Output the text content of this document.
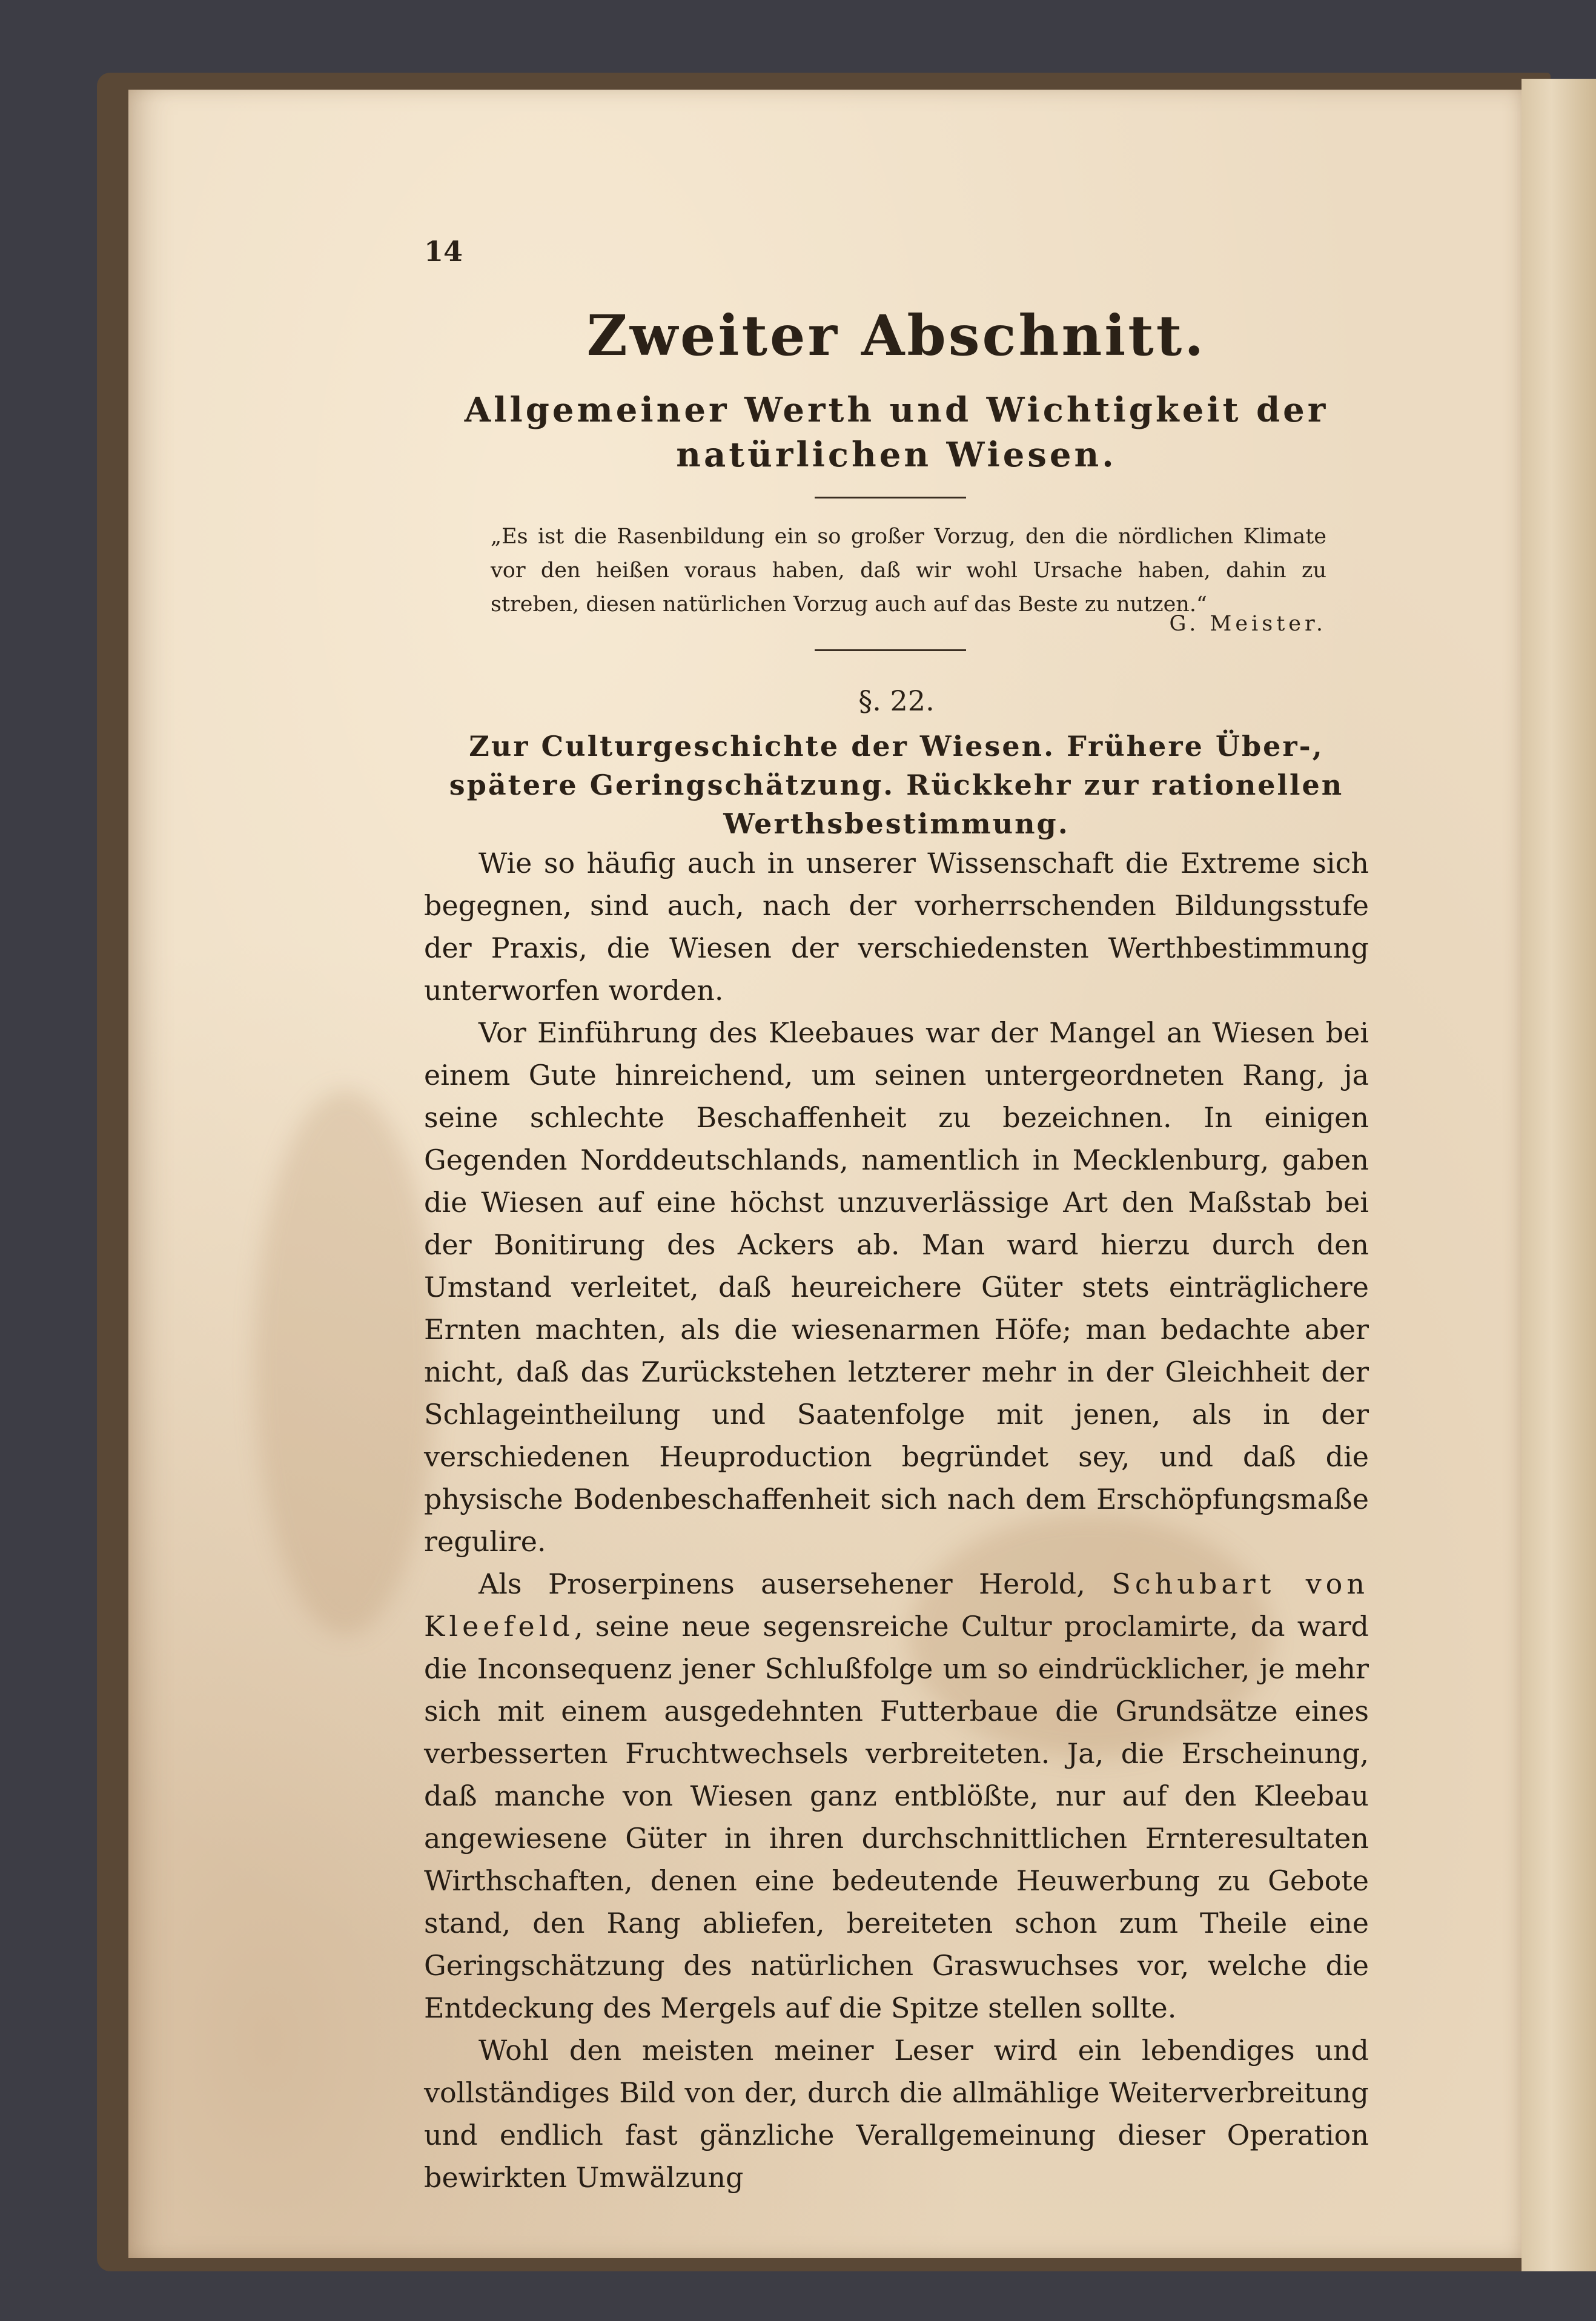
14
Zweiter Abschnitt.
Allgemeiner Werth und Wichtigkeit der natürlichen Wiesen.
„Es ist die Rasenbildung ein so großer Vorzug, den die nördlichen Klimate vor den heißen voraus haben, daß wir wohl Ursache haben, dahin zu streben, diesen natürlichen Vorzug auch auf das Beste zu nutzen.“
G. Meister.
§. 22.
Zur Culturgeschichte der Wiesen. Frühere Über-, spätere Geringschätzung. Rückkehr zur rationellen Werthsbestimmung.

Wie so häufig auch in unserer Wissenschaft die Extreme sich begegnen, sind auch, nach der vorherrschenden Bildungsstufe der Praxis, die Wiesen der verschiedensten Werthbestimmung unterworfen worden.

Vor Einführung des Kleebaues war der Mangel an Wiesen bei einem Gute hinreichend, um seinen untergeordneten Rang, ja seine schlechte Beschaffenheit zu bezeichnen. In einigen Gegenden Norddeutschlands, namentlich in Mecklenburg, gaben die Wiesen auf eine höchst unzuverlässige Art den Maßstab bei der Bonitirung des Ackers ab. Man ward hierzu durch den Umstand verleitet, daß heureichere Güter stets einträglichere Ernten machten, als die wiesenarmen Höfe; man bedachte aber nicht, daß das Zurückstehen letzterer mehr in der Gleichheit der Schlageintheilung und Saatenfolge mit jenen, als in der verschiedenen Heuproduction begründet sey, und daß die physische Bodenbeschaffenheit sich nach dem Erschöpfungsmaße regulire.

Als Proserpinens ausersehener Herold, Schubart von Kleefeld, seine neue segensreiche Cultur proclamirte, da ward die Inconsequenz jener Schlußfolge um so eindrücklicher, je mehr sich mit einem ausgedehnten Futterbaue die Grundsätze eines verbesserten Fruchtwechsels verbreiteten. Ja, die Erscheinung, daß manche von Wiesen ganz entblößte, nur auf den Kleebau angewiesene Güter in ihren durchschnittlichen Ernteresultaten Wirthschaften, denen eine bedeutende Heuwerbung zu Gebote stand, den Rang abliefen, bereiteten schon zum Theile eine Geringschätzung des natürlichen Graswuchses vor, welche die Entdeckung des Mergels auf die Spitze stellen sollte.

Wohl den meisten meiner Leser wird ein lebendiges und vollständiges Bild von der, durch die allmählige Weiterverbreitung und endlich fast gänzliche Verallgemeinung dieser Operation bewirkten Umwälzung
